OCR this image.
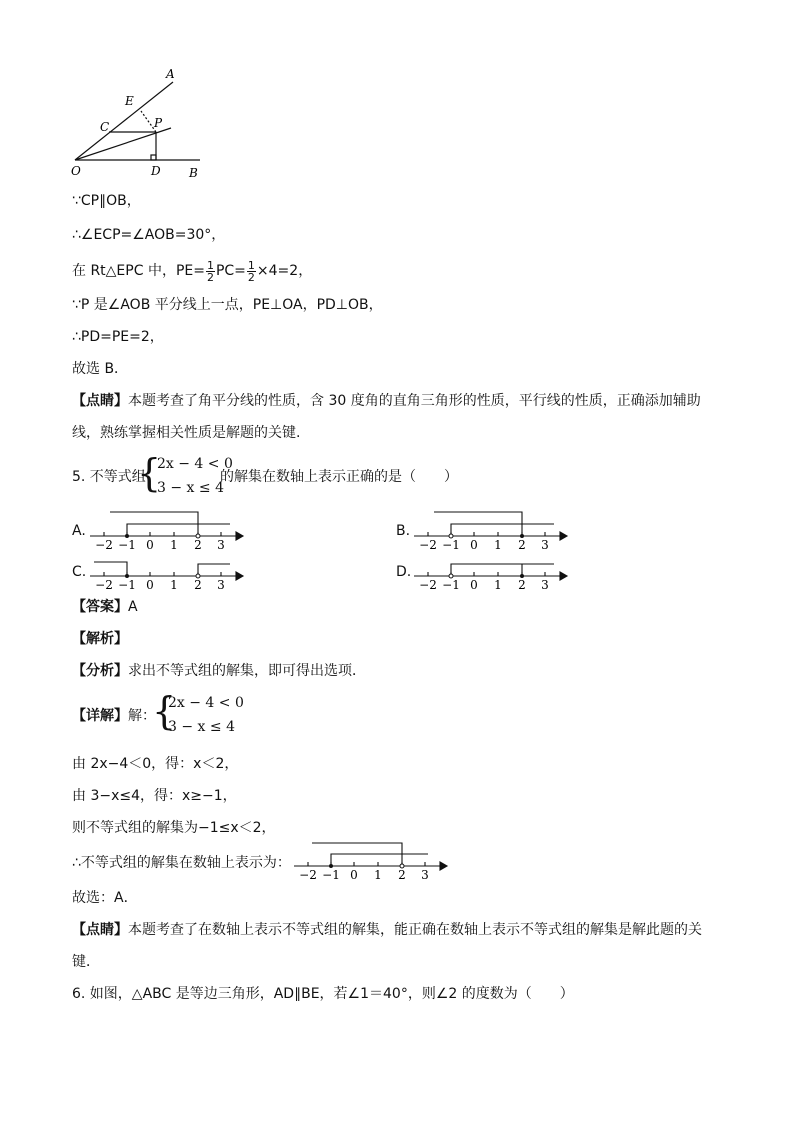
A
E
C	P
O	D B
∵CP∥OB，
∴∠ECP=∠AOB=30°，
在 Rt△EPC 中，$PE= \frac{1}{2} PC= \frac{1}{2} \times 4=2$，
∵P 是∠AOB 平分线上一点，PE⊥OA，PD⊥OB，
∴PD=PE=2，
故选 B．
【点睛】本题考查了角平分线的性质，含 30 度角的直角三角形的性质，平行线的性质，正确添加辅助
线，熟练掌握相关性质是解题的关键.
5. 不等式组
{
2x − 4 < 0
3 − x ≤ 4
的解集在数轴上表示正确的是（　　）
A.
−2 −1 0 1 2 3
B.
−2 −1 0 1 2 3
C.
−2 −1 0 1 2 3
D.
−2 −1 0 1 2 3
【答案】A
【解析】
【分析】求出不等式组的解集，即可得出选项．
【详解】解：
{
2x − 4 < 0
3 − x ≤ 4
由 2x−4＜0，得：x＜2，
由 3−x≤4，得：x≥−1，
则不等式组的解集为−1≤x＜2，
∴不等式组的解集在数轴上表示为：
−2 −1 0 1 2 3
故选：A．
【点睛】本题考查了在数轴上表示不等式组的解集，能正确在数轴上表示不等式组的解集是解此题的关
键．
6. 如图，△ABC 是等边三角形，AD∥BE，若∠1＝40°，则∠2 的度数为（　　）
